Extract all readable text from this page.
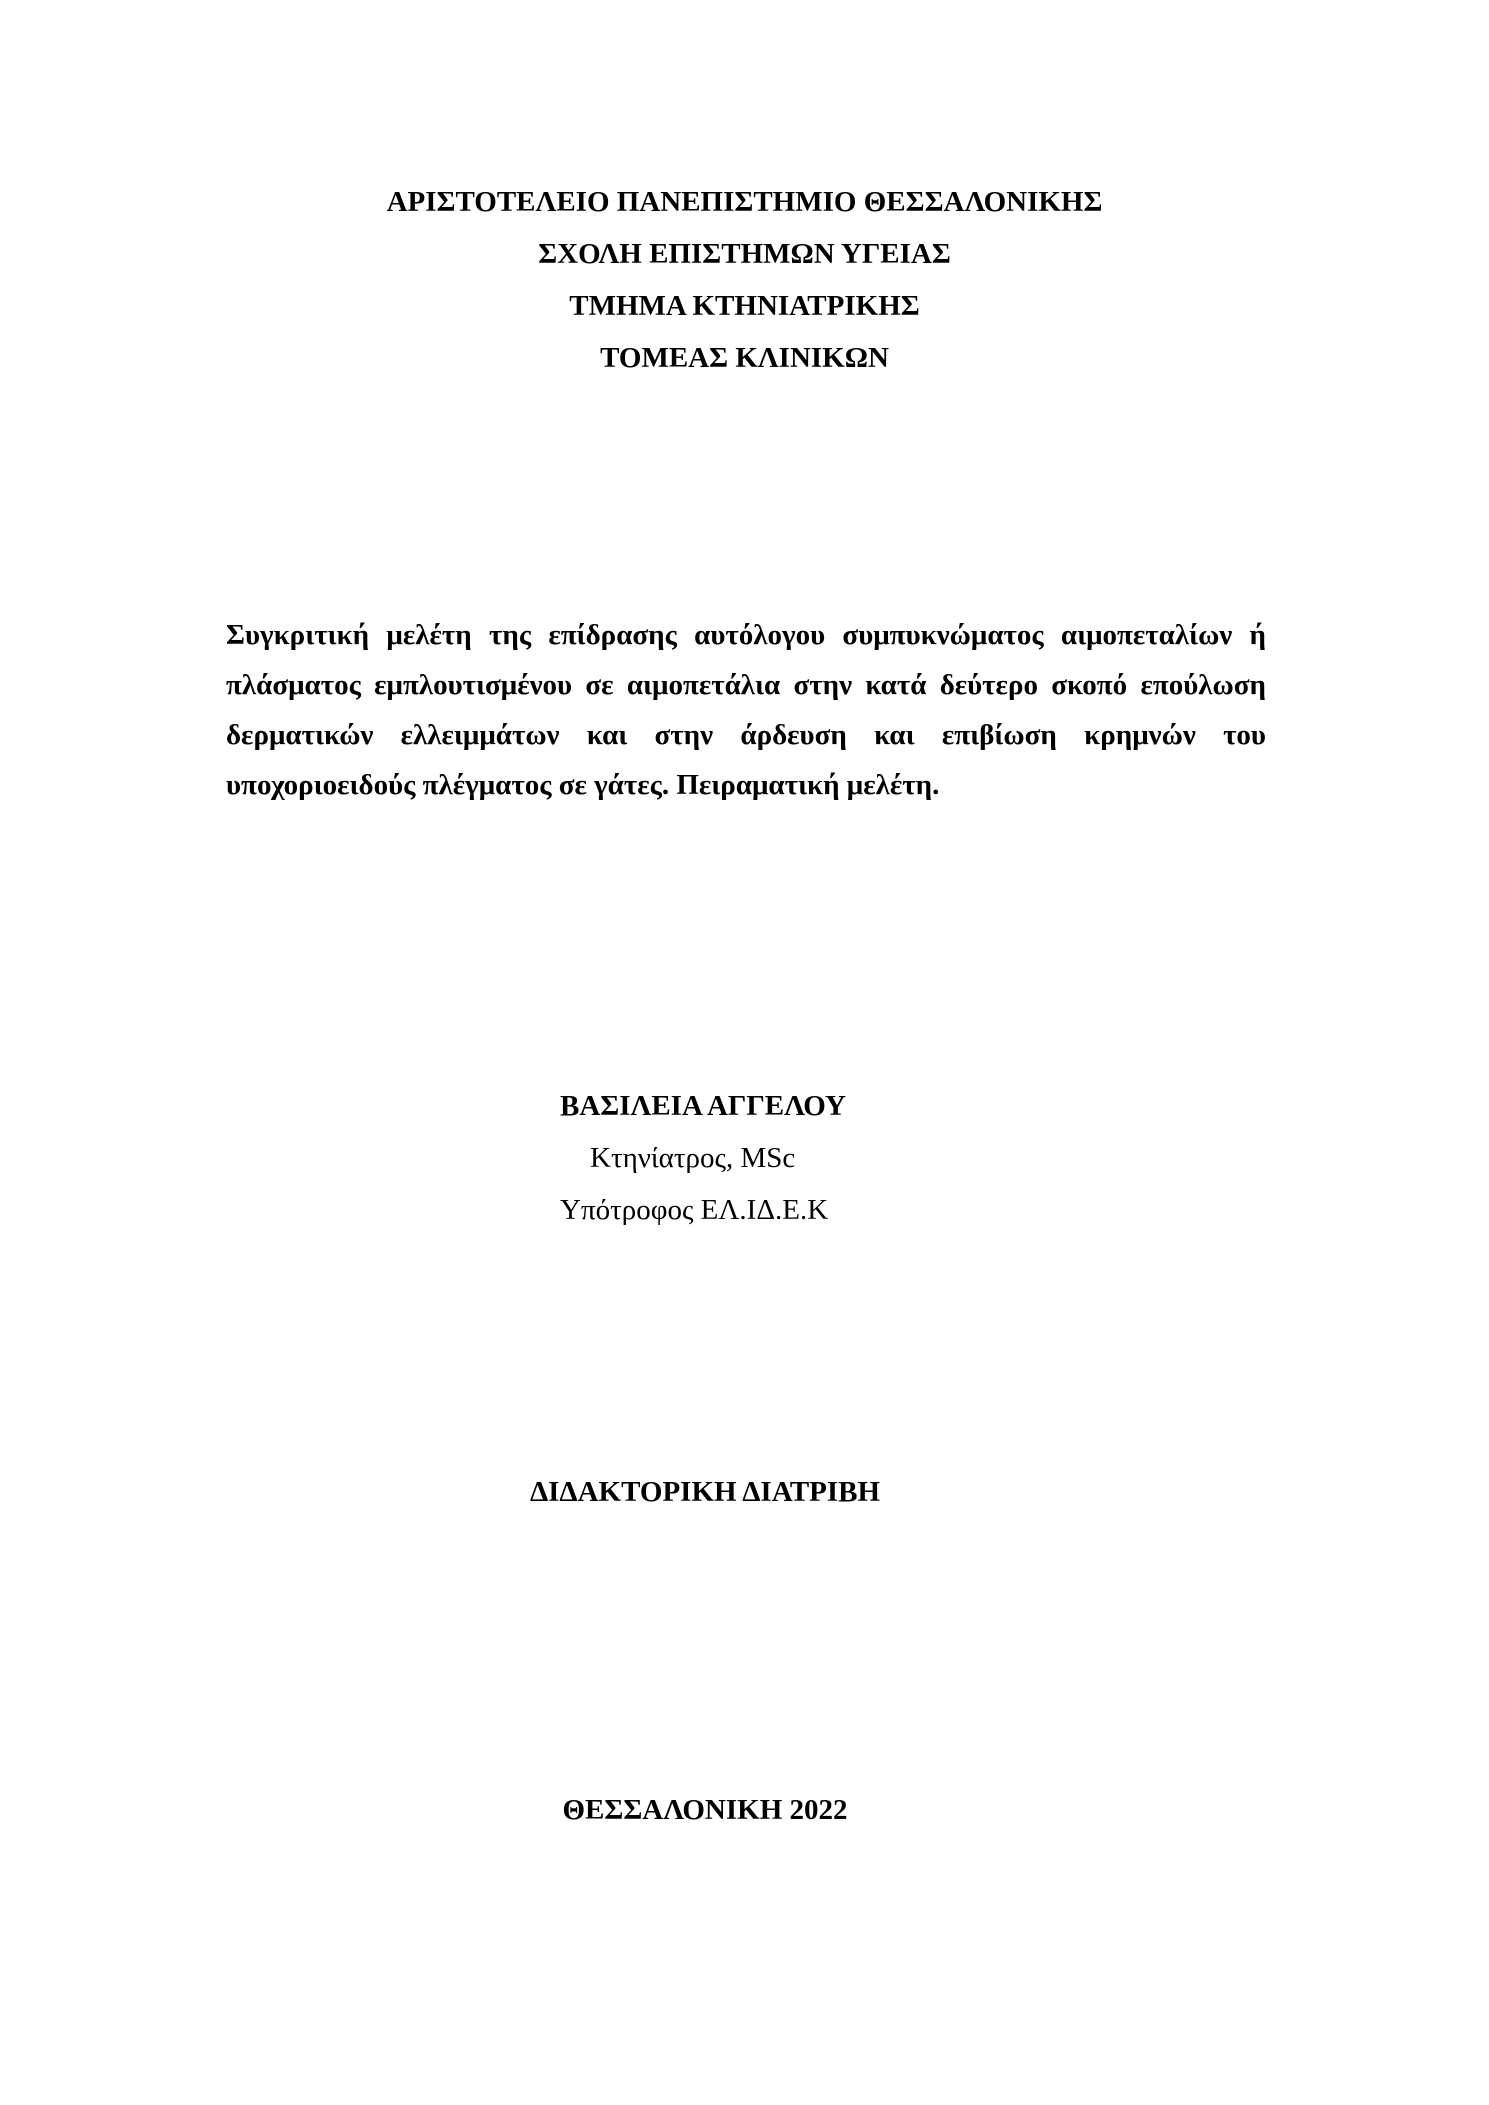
ΑΡΙΣΤΟΤΕΛΕΙΟ ΠΑΝΕΠΙΣΤΗΜΙΟ ΘΕΣΣΑΛΟΝΙΚΗΣ
ΣΧΟΛΗ ΕΠΙΣΤΗΜΩΝ ΥΓΕΙΑΣ
ΤΜΗΜΑ ΚΤΗΝΙΑΤΡΙΚΗΣ
ΤΟΜΕΑΣ ΚΛΙΝΙΚΩΝ
Συγκριτική μελέτη της επίδρασης αυτόλογου συμπυκνώματος αιμοπεταλίων ή πλάσματος εμπλουτισμένου σε αιμοπετάλια στην κατά δεύτερο σκοπό επούλωση δερματικών ελλειμμάτων και στην άρδευση και επιβίωση κρημνών του υποχοριοειδούς πλέγματος σε γάτες. Πειραματική μελέτη.
ΒΑΣΙΛΕΙΑ ΑΓΓΕΛΟΥ
Κτηνίατρος, MSc
Υπότροφος ΕΛ.ΙΔ.Ε.Κ
ΔΙΔΑΚΤΟΡΙΚΗ ΔΙΑΤΡΙΒΗ
ΘΕΣΣΑΛΟΝΙΚΗ 2022
